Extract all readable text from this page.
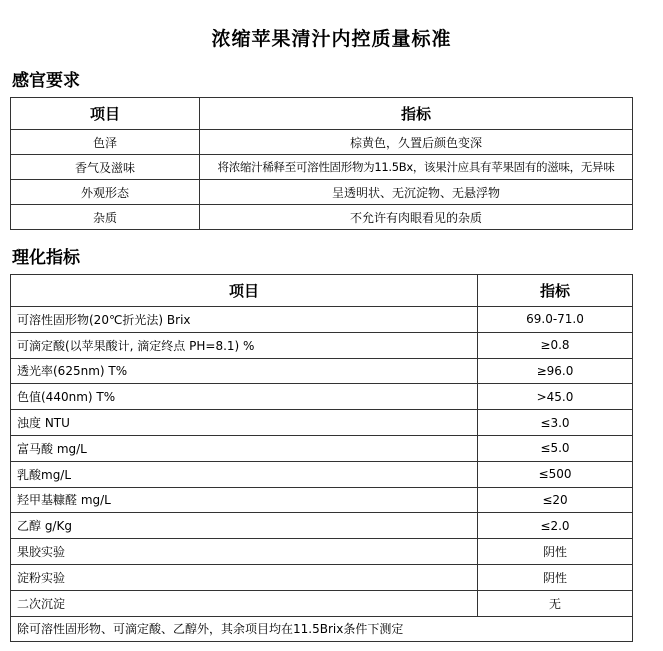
浓缩苹果清汁内控质量标准
感官要求
项目	指标
色泽	棕黄色，久置后颜色变深
香气及滋味	将浓缩汁稀释至可溶性固形物为11.5Bx，该果汁应具有苹果固有的滋味，无异味
外观形态	呈透明状、无沉淀物、无悬浮物
杂质	不允许有肉眼看见的杂质
理化指标
项目	指标
可溶性固形物(20℃折光法) Brix	69.0-71.0
可滴定酸(以苹果酸计, 滴定终点 PH=8.1) %	≥0.8
透光率(625nm) T%	≥96.0
色值(440nm) T%	>45.0
浊度 NTU	≤3.0
富马酸 mg/L	≤5.0
乳酸mg/L	≤500
羟甲基糠醛 mg/L	≤20
乙醇 g/Kg	≤2.0
果胶实验	阴性
淀粉实验	阴性
二次沉淀	无
除可溶性固形物、可滴定酸、乙醇外，其余项目均在11.5Brix条件下测定	
